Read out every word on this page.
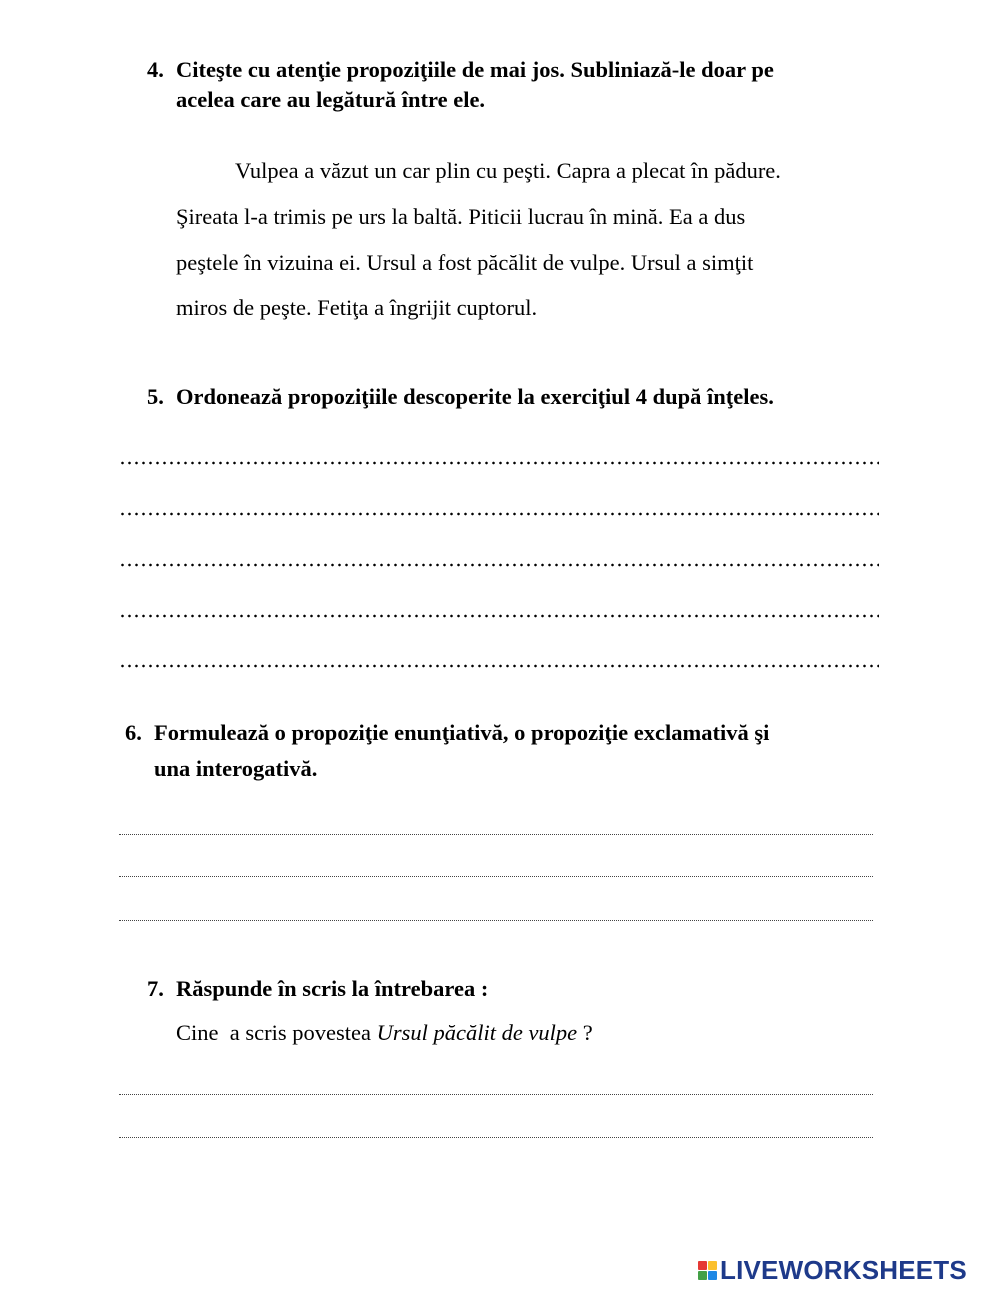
4. Citeşte cu atenţie propoziţiile de mai jos. Subliniază-le doar pe
acelea care au legătură între ele.
Vulpea a văzut un car plin cu peşti. Capra a plecat în pădure.
Şireata l-a trimis pe urs la baltă. Piticii lucrau în mină. Ea a dus
peştele în vizuina ei. Ursul a fost păcălit de vulpe. Ursul a simţit
miros de peşte. Fetiţa a îngrijit cuptorul.
5. Ordonează propoziţiile descoperite la exerciţiul 4 după înţeles.
6. Formulează o propoziţie enunţiativă, o propoziţie exclamativă şi
una interogativă.
7. Răspunde în scris la întrebarea :
Cine  a scris povestea Ursul păcălit de vulpe ?
LIVEWORKSHEETS
